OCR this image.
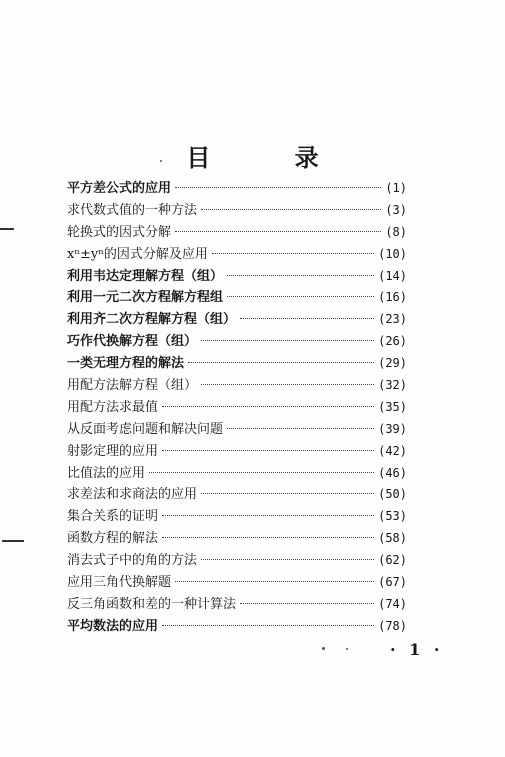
目 录
平方差公式的应用	(1)
求代数式值的一种方法	(3)
轮换式的因式分解	(8)
xⁿ±yⁿ的因式分解及应用	(10)
利用韦达定理解方程（组）	(14)
利用一元二次方程解方程组	(16)
利用齐二次方程解方程（组）	(23)
巧作代换解方程（组）	(26)
一类无理方程的解法	(29)
用配方法解方程（组）	(32)
用配方法求最值	(35)
从反面考虑问题和解决问题	(39)
射影定理的应用	(42)
比值法的应用	(46)
求差法和求商法的应用	(50)
集合关系的证明	(53)
函数方程的解法	(58)
消去式子中的角的方法	(62)
应用三角代换解题	(67)
反三角函数和差的一种计算法	(74)
平均数法的应用	(78)
· 1 ·
